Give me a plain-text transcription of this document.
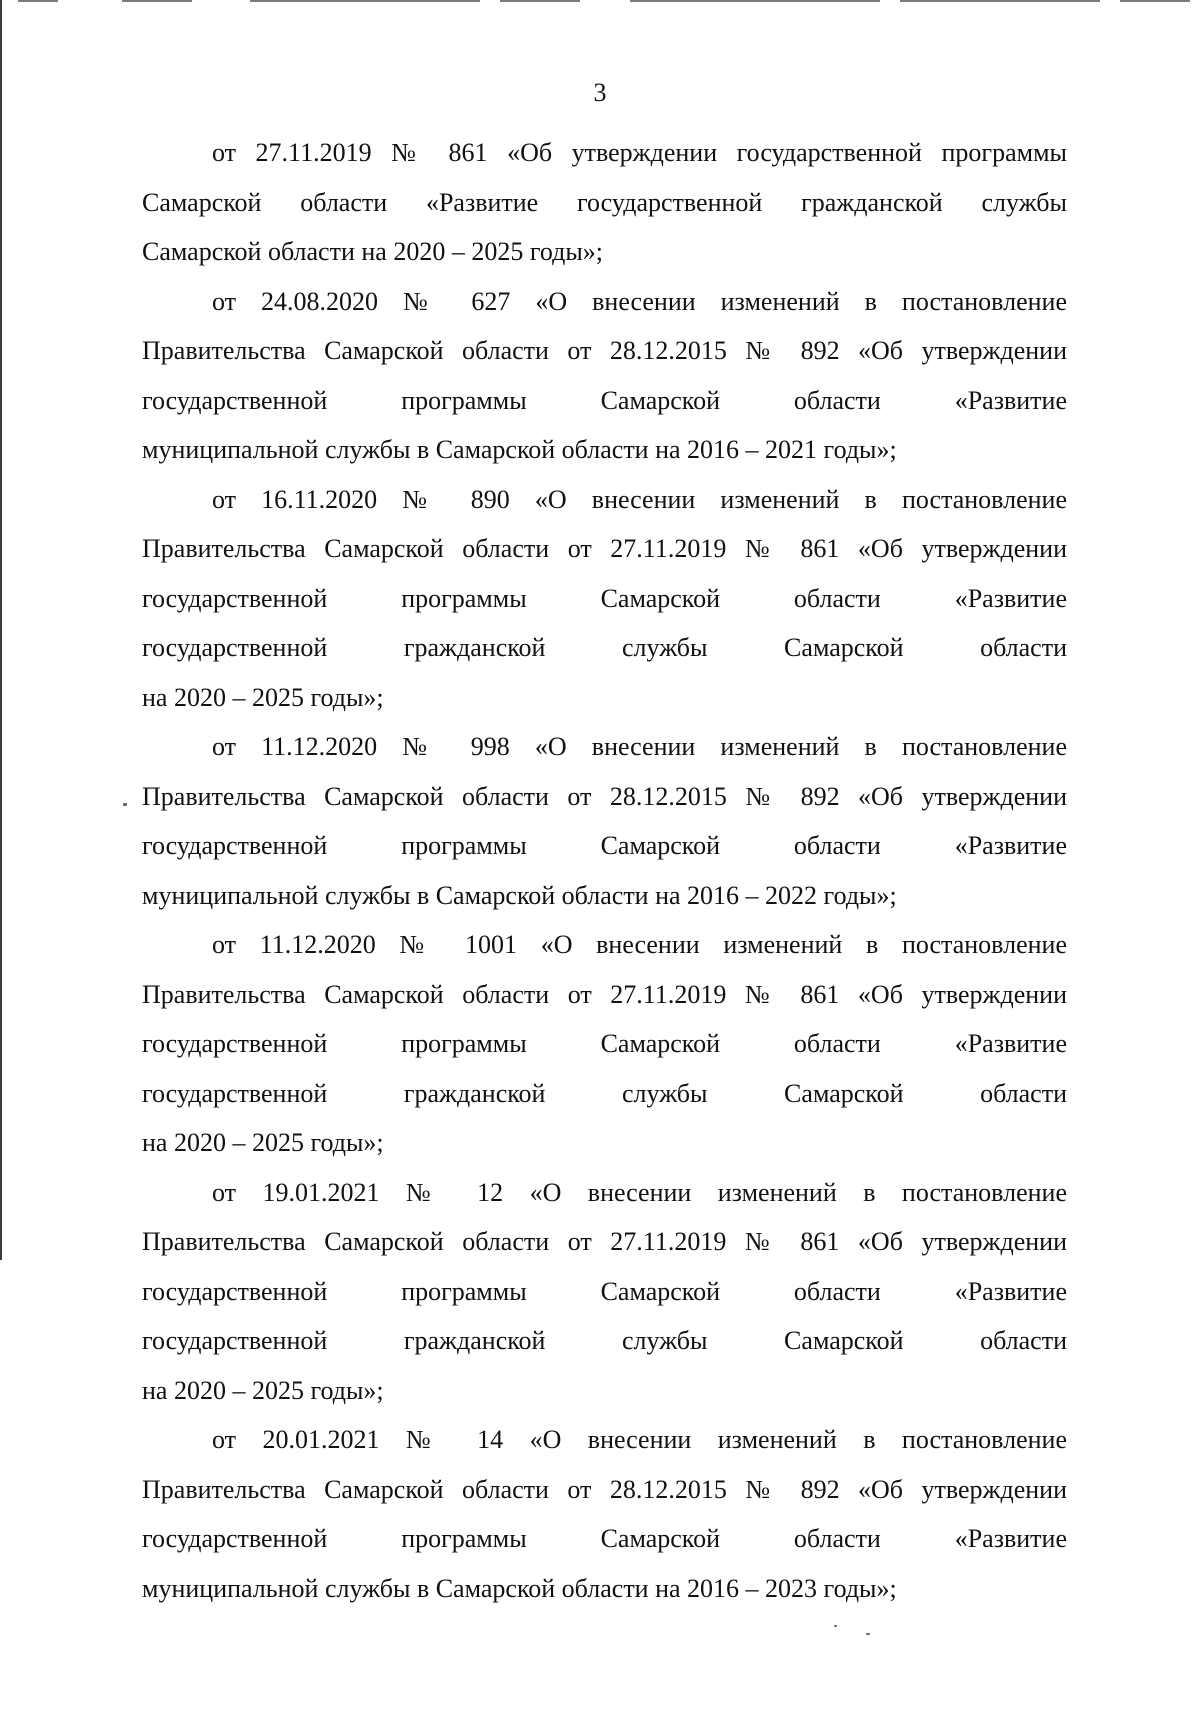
3

от 27.11.2019 № 861 «Об утверждении государственной программы
Самарской области «Развитие государственной гражданской службы
Самарской области на 2020 – 2025 годы»;

от 24.08.2020 № 627 «О внесении изменений в постановление
Правительства Самарской области от 28.12.2015 № 892 «Об утверждении
государственной программы Самарской области «Развитие
муниципальной службы в Самарской области на 2016 – 2021 годы»;

от 16.11.2020 № 890 «О внесении изменений в постановление
Правительства Самарской области от 27.11.2019 № 861 «Об утверждении
государственной программы Самарской области «Развитие
государственной гражданской службы Самарской области
на 2020 – 2025 годы»;

от 11.12.2020 № 998 «О внесении изменений в постановление
Правительства Самарской области от 28.12.2015 № 892 «Об утверждении
государственной программы Самарской области «Развитие
муниципальной службы в Самарской области на 2016 – 2022 годы»;

от 11.12.2020 № 1001 «О внесении изменений в постановление
Правительства Самарской области от 27.11.2019 № 861 «Об утверждении
государственной программы Самарской области «Развитие
государственной гражданской службы Самарской области
на 2020 – 2025 годы»;

от 19.01.2021 № 12 «О внесении изменений в постановление
Правительства Самарской области от 27.11.2019 № 861 «Об утверждении
государственной программы Самарской области «Развитие
государственной гражданской службы Самарской области
на 2020 – 2025 годы»;

от 20.01.2021 № 14 «О внесении изменений в постановление
Правительства Самарской области от 28.12.2015 № 892 «Об утверждении
государственной программы Самарской области «Развитие
муниципальной службы в Самарской области на 2016 – 2023 годы»;
